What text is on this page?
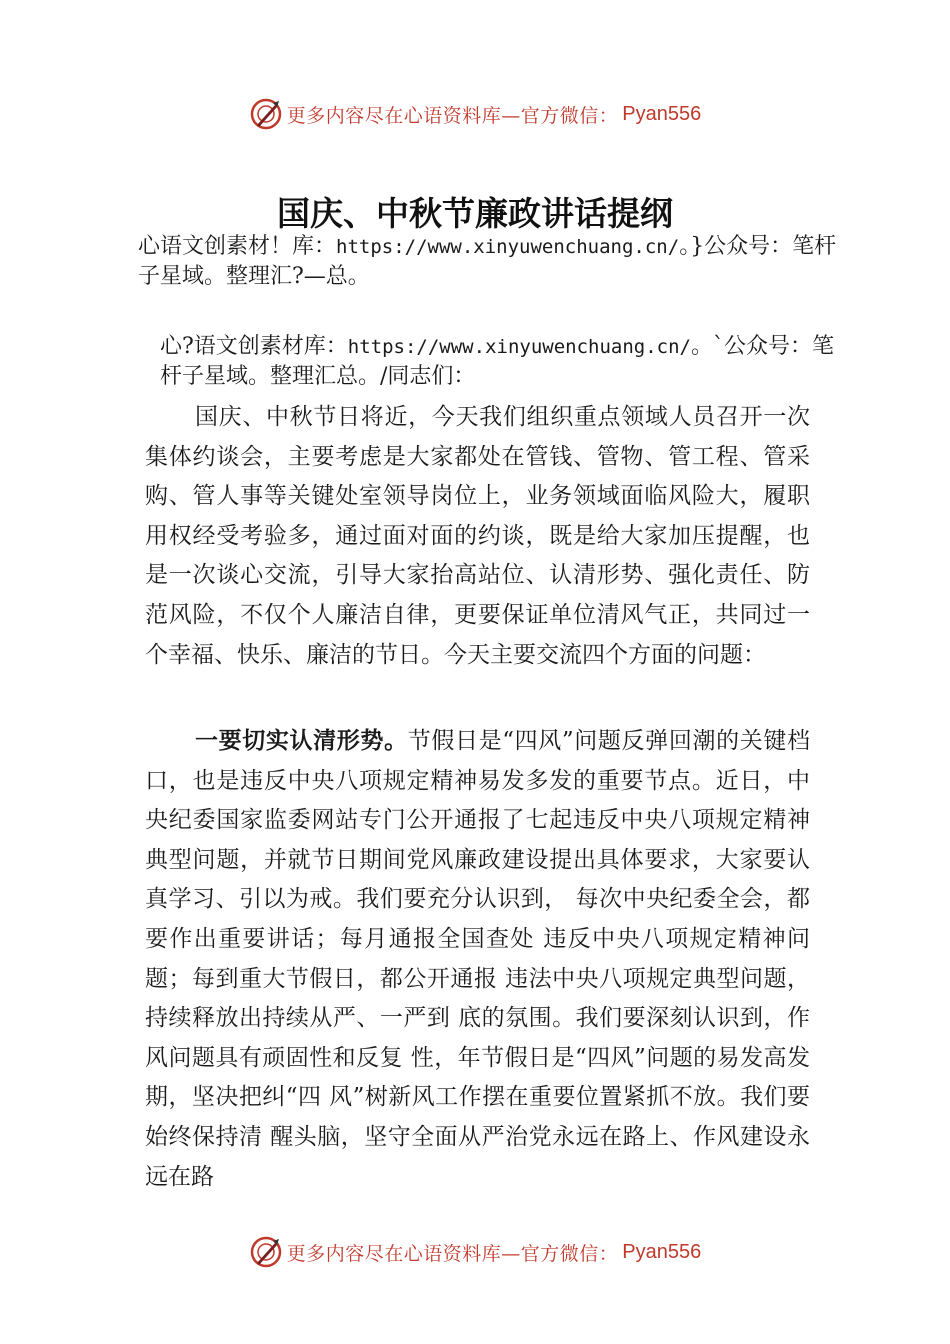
更多内容尽在心语资料库—官方微信： Pyan556
国庆、中秋节廉政讲话提纲

心语文创素材！库：https://www.xinyuwenchuang.cn/。}公众号：笔杆子星域。整理汇?—总。

心?语文创素材库：https://www.xinyuwenchuang.cn/。`公众号：笔杆子星域。整理汇总。/同志们：

国庆、中秋节日将近，今天我们组织重点领域人员召开一次集体约谈会，主要考虑是大家都处在管钱、管物、管工程、管采购、管人事等关键处室领导岗位上，业务领域面临风险大，履职用权经受考验多，通过面对面的约谈，既是给大家加压提醒，也是一次谈心交流，引导大家抬高站位、认清形势、强化责任、防范风险，不仅个人廉洁自律，更要保证单位清风气正，共同过一个幸福、快乐、廉洁的节日。今天主要交流四个方面的问题：

一要切实认清形势。节假日是“四风”问题反弹回潮的关键档口，也是违反中央八项规定精神易发多发的重要节点。近日，中央纪委国家监委网站专门公开通报了七起违反中央八项规定精神典型问题，并就节日期间党风廉政建设提出具体要求，大家要认真学习、引以为戒。我们要充分认识到， 每次中央纪委全会，都要作出重要讲话；每月通报全国查处 违反中央八项规定精神问题；每到重大节假日，都公开通报 违法中央八项规定典型问题，持续释放出持续从严、一严到 底的氛围。我们要深刻认识到，作风问题具有顽固性和反复 性，年节假日是“四风”问题的易发高发期，坚决把纠“四 风”树新风工作摆在重要位置紧抓不放。我们要始终保持清 醒头脑，坚守全面从严治党永远在路上、作风建设永远在路

更多内容尽在心语资料库—官方微信： Pyan556
